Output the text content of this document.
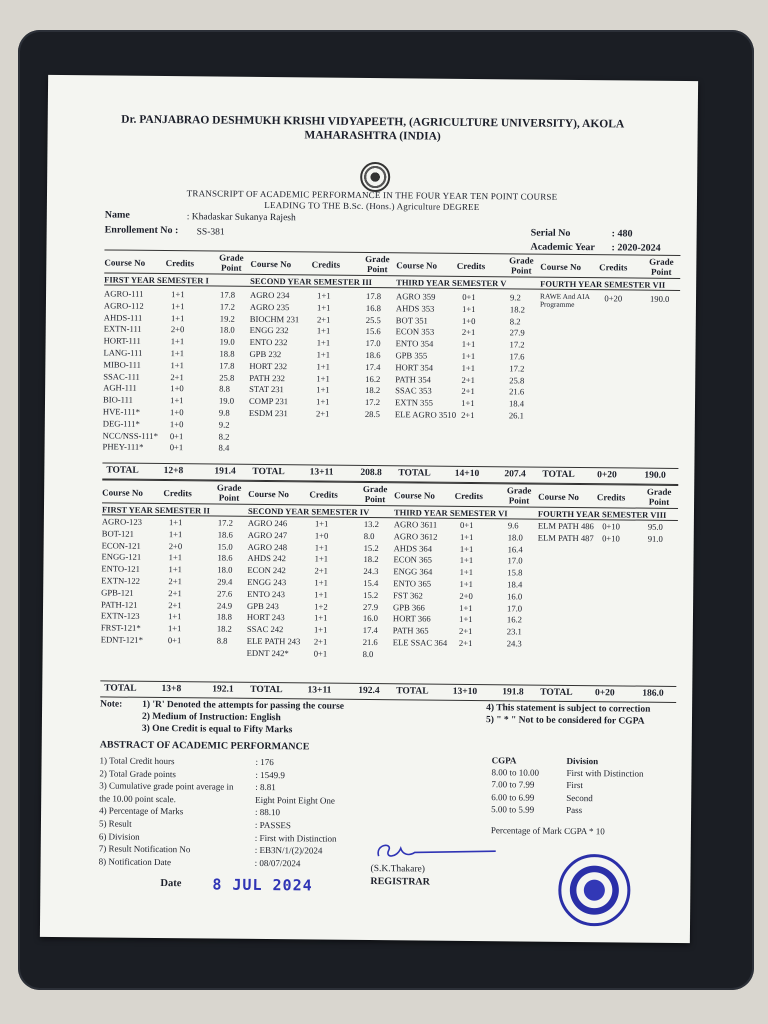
Dr. PANJABRAO DESHMUKH KRISHI VIDYAPEETH, (AGRICULTURE UNIVERSITY), AKOLA
MAHARASHTRA (INDIA)
TRANSCRIPT OF ACADEMIC PERFORMANCE IN THE FOUR YEAR TEN POINT COURSE
LEADING TO THE B.Sc. (Hons.) Agriculture DEGREE
Name	: Khadaskar Sukanya Rajesh
Enrollement No : SS-381	Serial No	: 480
Academic Year : 2020-2024
Course No Credits
Grade
Point
FIRST YEAR SEMESTER I
AGRO-111	1+1	17.8
AGRO-112	1+1	17.2
AHDS-111	1+1	19.2
EXTN-111	2+0	18.0
HORT-111	1+1	19.0
LANG-111	1+1	18.8
MIBO-111	1+1	17.8
SSAC-111	2+1	25.8
AGH-111	1+0	8.8
BIO-111	1+1	19.0
HVE-111*	1+0	9.8
DEG-111*	1+0	9.2
NCC/NSS-111* 0+1	8.2
PHEY-111*	0+1	8.4
TOTAL	12+8	191.4
Course No Credits
Grade
Point
SECOND YEAR SEMESTER III
AGRO 234	1+1	17.8
AGRO 235	1+1	16.8
BIOCHM 231 2+1	25.5
ENGG 232	1+1	15.6
ENTO 232	1+1	17.0
GPB 232	1+1	18.6
HORT 232	1+1	17.4
PATH 232	1+1	16.2
STAT 231	1+1	18.2
COMP 231	1+1	17.2
ESDM 231	2+1	28.5
TOTAL	13+11	208.8
Course No Credits
Grade
Point
THIRD YEAR SEMESTER V
AGRO 359	0+1	9.2
AHDS 353	1+1	18.2
BOT 351	1+0	8.2
ECON 353	2+1	27.9
ENTO 354	1+1	17.2
GPB 355	1+1	17.6
HORT 354	1+1	17.2
PATH 354	2+1	25.8
SSAC 353	2+1	21.6
EXTN 355	1+1	18.4
ELE AGRO 3510 2+1	26.1
TOTAL	14+10	207.4
Course No Credits
Grade
Point
FOURTH YEAR SEMESTER VII
RAWE And AIA Programme
0+20	190.0
TOTAL 0+20	190.0
Course No Credits
Grade
Point
FIRST YEAR SEMESTER II
AGRO-123	1+1	17.2
BOT-121	1+1	18.6
ECON-121	2+0	15.0
ENGG-121	1+1	18.6
ENTO-121	1+1	18.0
EXTN-122	2+1	29.4
GPB-121	2+1	27.6
PATH-121	2+1	24.9
EXTN-123	1+1	18.8
FRST-121*	1+1	18.2
EDNT-121*	0+1	8.8
TOTAL	13+8	192.1
Course No Credits
Grade
Point
SECOND YEAR SEMESTER IV
AGRO 246	1+1	13.2
AGRO 247	1+0	8.0
AGRO 248	1+1	15.2
AHDS 242	1+1	18.2
ECON 242	2+1	24.3
ENGG 243	1+1	15.4
ENTO 243	1+1	15.2
GPB 243	1+2	27.9
HORT 243	1+1	16.0
SSAC 242	1+1	17.4
ELE PATH 243 2+1	21.6
EDNT 242*	0+1	8.0
TOTAL	13+11	192.4
Course No Credits
Grade
Point
THIRD YEAR SEMESTER VI
AGRO 3611	0+1	9.6
AGRO 3612	1+1	18.0
AHDS 364	1+1	16.4
ECON 365	1+1	17.0
ENGG 364	1+1	15.8
ENTO 365	1+1	18.4
FST 362	2+0	16.0
GPB 366	1+1	17.0
HORT 366	1+1	16.2
PATH 365	2+1	23.1
ELE SSAC 364 2+1	24.3
TOTAL	13+10	191.8
Course No Credits
Grade
Point
FOURTH YEAR SEMESTER VIII
ELM PATH 486 0+10	95.0
ELM PATH 487 0+10	91.0
TOTAL 0+20	186.0
Note: 1) 'R' Denoted the attempts for passing the course
2) Medium of Instruction: English
3) One Credit is equal to Fifty Marks
4) This statement is subject to correction
5) " * " Not to be considered for CGPA
ABSTRACT OF ACADEMIC PERFORMANCE
1) Total Credit hours	: 176
2) Total Grade points	: 1549.9
3) Cumulative grade point average in : 8.81
the 10.00 point scale.	Eight Point Eight One
4) Percentage of Marks	: 88.10
5) Result	: PASSES
6) Division	: First with Distinction
7) Result Notification No	: EB3N/1/(2)/2024
8) Notification Date	: 08/07/2024
Date 8 JUL 2024
CGPA	Division
8.00 to 10.00	First with Distinction
7.00 to 7.99	First
6.00 to 6.99	Second
5.00 to 5.99	Pass
Percentage of Mark CGPA * 10
(S.K.Thakare)
REGISTRAR
